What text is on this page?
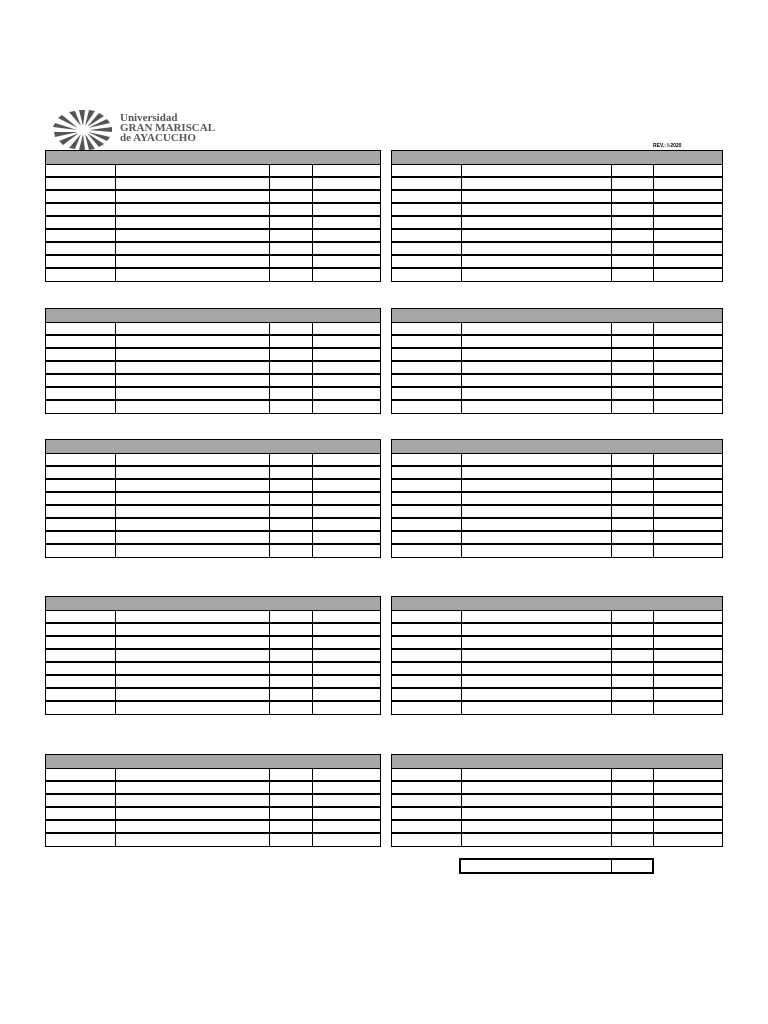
Universidad
GRAN MARISCAL
de AYACUCHO
REV.: I-2020
